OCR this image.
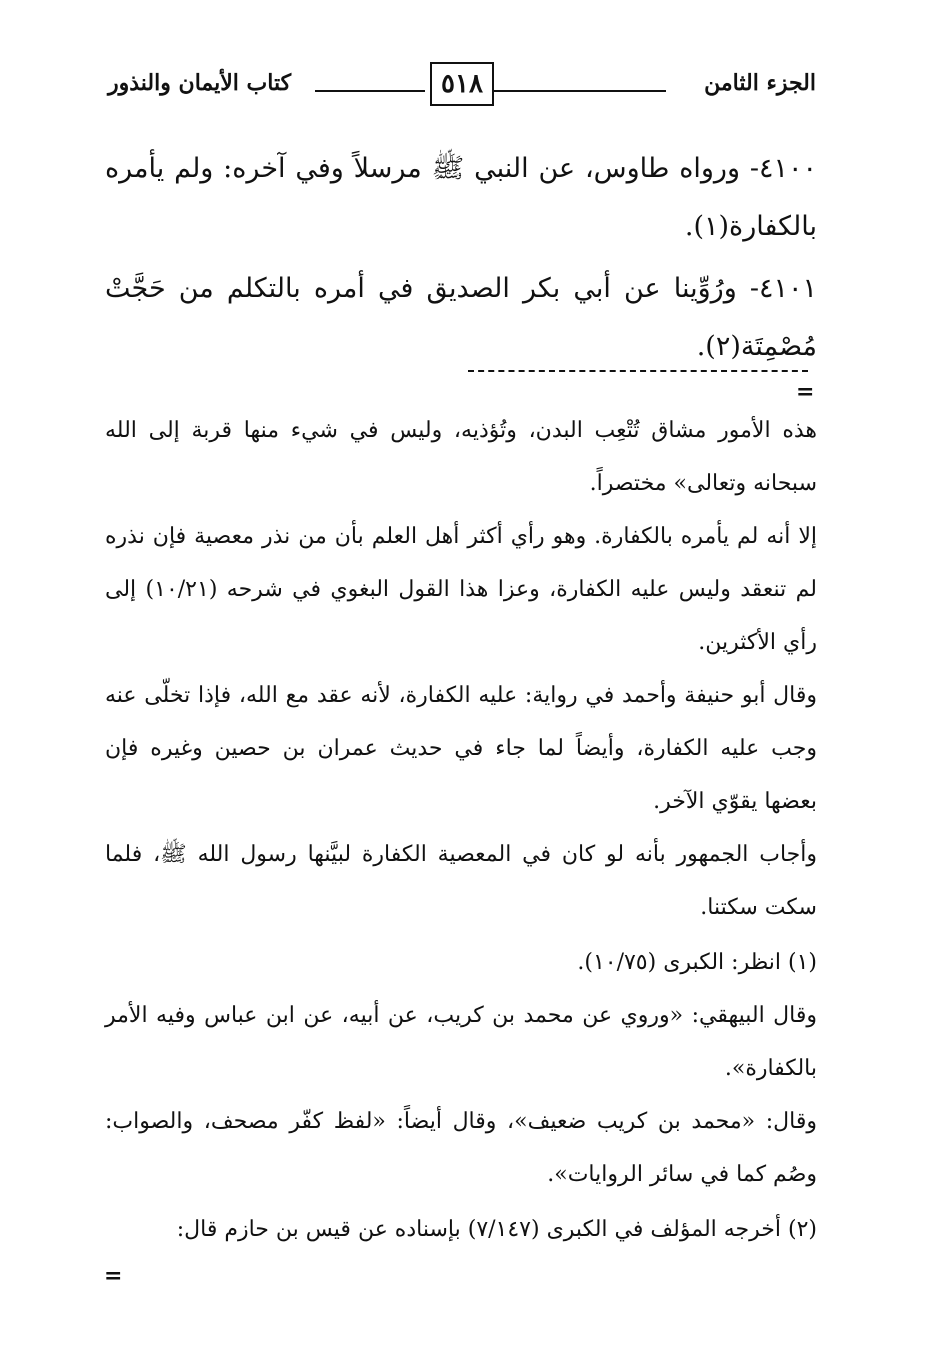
الجزء الثامن
٥١٨
كتاب الأيمان والنذور

٤١٠٠- ورواه طاوس، عن النبي ﷺ مرسلاً وفي آخره: ولم يأمره بالكفارة(١).

٤١٠١- ورُوِّينا عن أبي بكر الصديق في أمره بالتكلم من حَجَّتْ مُصْمِتَة(٢).

=

هذه الأمور مشاق تُتْعِب البدن، وتُؤذيه، وليس في شيء منها قربة إلى الله سبحانه وتعالى» مختصراً.

إلا أنه لم يأمره بالكفارة. وهو رأي أكثر أهل العلم بأن من نذر معصية فإن نذره لم تنعقد وليس عليه الكفارة، وعزا هذا القول البغوي في شرحه (١٠/٢١) إلى رأي الأكثرين.

وقال أبو حنيفة وأحمد في رواية: عليه الكفارة، لأنه عقد مع الله، فإذا تخلّى عنه وجب عليه الكفارة، وأيضاً لما جاء في حديث عمران بن حصين وغيره فإن بعضها يقوّي الآخر.

وأجاب الجمهور بأنه لو كان في المعصية الكفارة لبيَّنها رسول الله ﷺ، فلما سكت سكتنا.

(١) انظر: الكبرى (١٠/٧٥).

وقال البيهقي: «وروي عن محمد بن كريب، عن أبيه، عن ابن عباس وفيه الأمر بالكفارة».

وقال: «محمد بن كريب ضعيف»، وقال أيضاً: «لفظ كفّر مصحف، والصواب: وصُم كما في سائر الروايات».

(٢) أخرجه المؤلف في الكبرى (٧/١٤٧) بإسناده عن قيس بن حازم قال:

=
